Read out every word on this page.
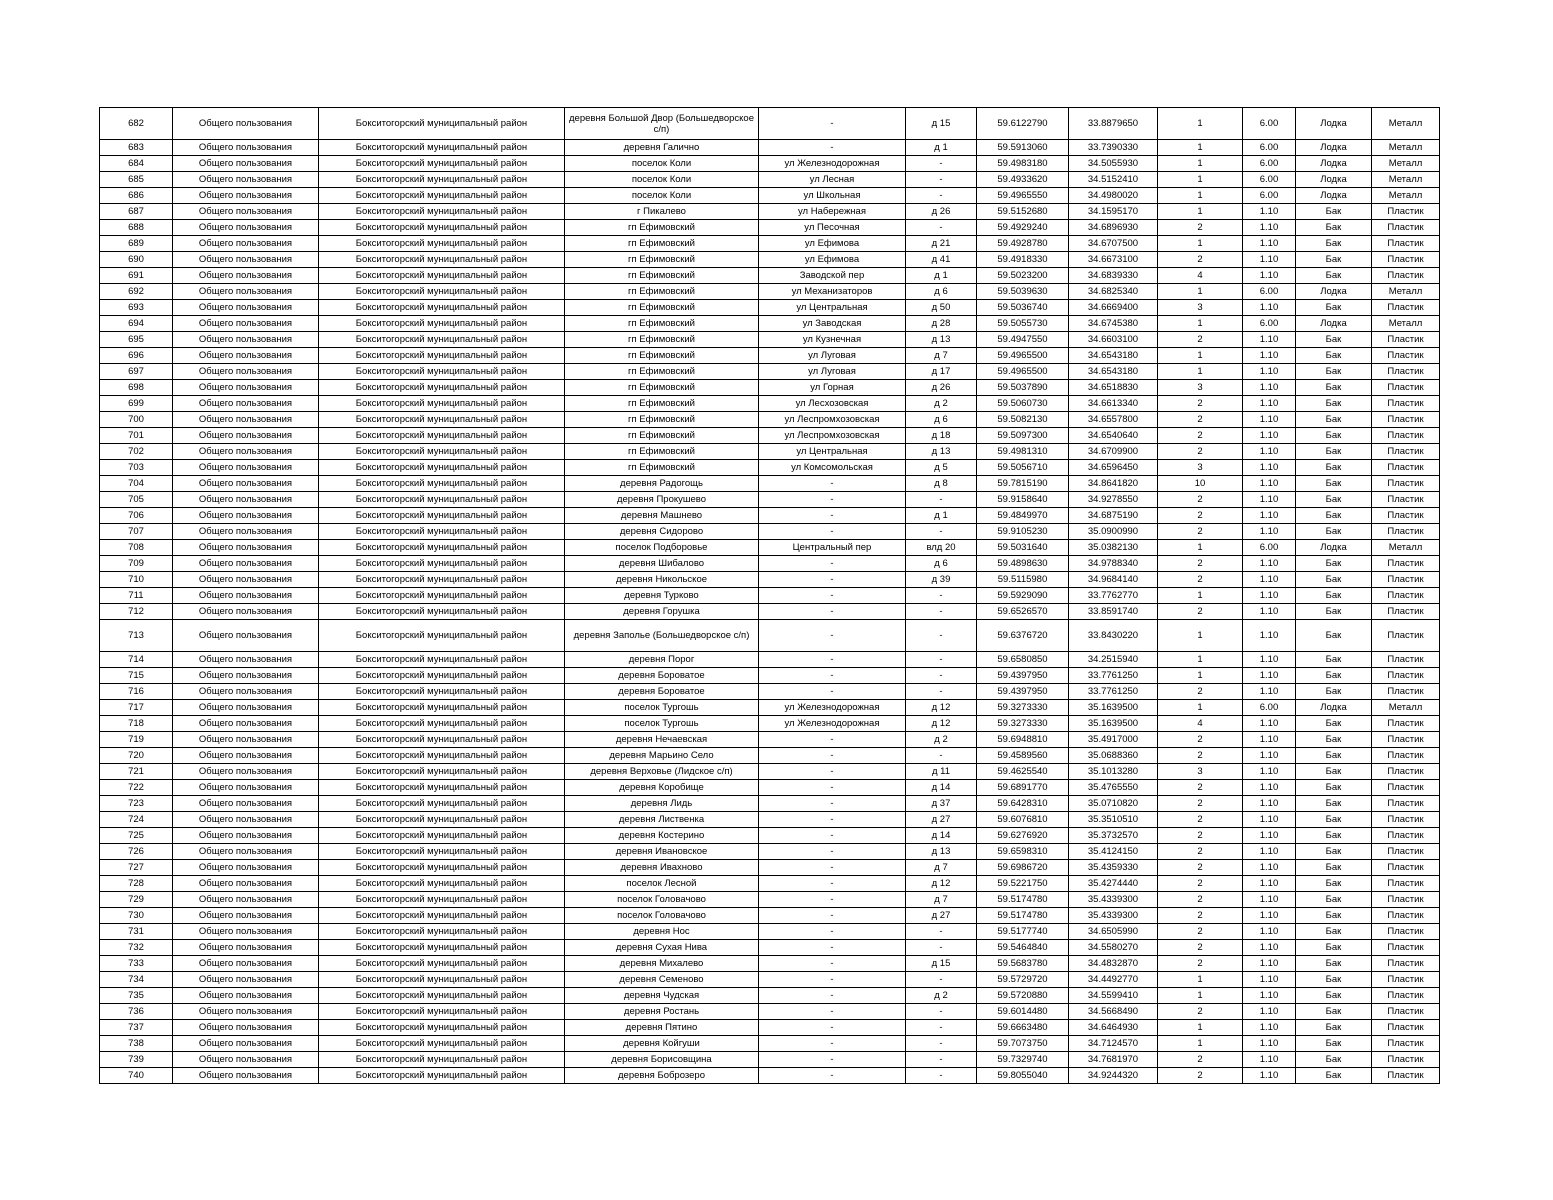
682	Общего пользования	Бокситогорский муниципальный район	деревня Большой Двор (Большедворское с/п)	-	д 15	59.6122790	33.8879650	1	6.00	Лодка	Металл
683	Общего пользования	Бокситогорский муниципальный район	деревня Галично	-	д 1	59.5913060	33.7390330	1	6.00	Лодка	Металл
684	Общего пользования	Бокситогорский муниципальный район	поселок Коли	ул Железнодорожная	-	59.4983180	34.5055930	1	6.00	Лодка	Металл
685	Общего пользования	Бокситогорский муниципальный район	поселок Коли	ул Лесная	-	59.4933620	34.5152410	1	6.00	Лодка	Металл
686	Общего пользования	Бокситогорский муниципальный район	поселок Коли	ул Школьная	-	59.4965550	34.4980020	1	6.00	Лодка	Металл
687	Общего пользования	Бокситогорский муниципальный район	г Пикалево	ул Набережная	д 26	59.5152680	34.1595170	1	1.10	Бак	Пластик
688	Общего пользования	Бокситогорский муниципальный район	гп Ефимовский	ул Песочная	-	59.4929240	34.6896930	2	1.10	Бак	Пластик
689	Общего пользования	Бокситогорский муниципальный район	гп Ефимовский	ул Ефимова	д 21	59.4928780	34.6707500	1	1.10	Бак	Пластик
690	Общего пользования	Бокситогорский муниципальный район	гп Ефимовский	ул Ефимова	д 41	59.4918330	34.6673100	2	1.10	Бак	Пластик
691	Общего пользования	Бокситогорский муниципальный район	гп Ефимовский	Заводской пер	д 1	59.5023200	34.6839330	4	1.10	Бак	Пластик
692	Общего пользования	Бокситогорский муниципальный район	гп Ефимовский	ул Механизаторов	д 6	59.5039630	34.6825340	1	6.00	Лодка	Металл
693	Общего пользования	Бокситогорский муниципальный район	гп Ефимовский	ул Центральная	д 50	59.5036740	34.6669400	3	1.10	Бак	Пластик
694	Общего пользования	Бокситогорский муниципальный район	гп Ефимовский	ул Заводская	д 28	59.5055730	34.6745380	1	6.00	Лодка	Металл
695	Общего пользования	Бокситогорский муниципальный район	гп Ефимовский	ул Кузнечная	д 13	59.4947550	34.6603100	2	1.10	Бак	Пластик
696	Общего пользования	Бокситогорский муниципальный район	гп Ефимовский	ул Луговая	д 7	59.4965500	34.6543180	1	1.10	Бак	Пластик
697	Общего пользования	Бокситогорский муниципальный район	гп Ефимовский	ул Луговая	д 17	59.4965500	34.6543180	1	1.10	Бак	Пластик
698	Общего пользования	Бокситогорский муниципальный район	гп Ефимовский	ул Горная	д 26	59.5037890	34.6518830	3	1.10	Бак	Пластик
699	Общего пользования	Бокситогорский муниципальный район	гп Ефимовский	ул Лесхозовская	д 2	59.5060730	34.6613340	2	1.10	Бак	Пластик
700	Общего пользования	Бокситогорский муниципальный район	гп Ефимовский	ул Леспромхозовская	д 6	59.5082130	34.6557800	2	1.10	Бак	Пластик
701	Общего пользования	Бокситогорский муниципальный район	гп Ефимовский	ул Леспромхозовская	д 18	59.5097300	34.6540640	2	1.10	Бак	Пластик
702	Общего пользования	Бокситогорский муниципальный район	гп Ефимовский	ул Центральная	д 13	59.4981310	34.6709900	2	1.10	Бак	Пластик
703	Общего пользования	Бокситогорский муниципальный район	гп Ефимовский	ул Комсомольская	д 5	59.5056710	34.6596450	3	1.10	Бак	Пластик
704	Общего пользования	Бокситогорский муниципальный район	деревня Радогощь	-	д 8	59.7815190	34.8641820	10	1.10	Бак	Пластик
705	Общего пользования	Бокситогорский муниципальный район	деревня Прокушево	-	-	59.9158640	34.9278550	2	1.10	Бак	Пластик
706	Общего пользования	Бокситогорский муниципальный район	деревня Машнево	-	д 1	59.4849970	34.6875190	2	1.10	Бак	Пластик
707	Общего пользования	Бокситогорский муниципальный район	деревня Сидорово	-	-	59.9105230	35.0900990	2	1.10	Бак	Пластик
708	Общего пользования	Бокситогорский муниципальный район	поселок Подборовье	Центральный пер	влд 20	59.5031640	35.0382130	1	6.00	Лодка	Металл
709	Общего пользования	Бокситогорский муниципальный район	деревня Шибалово	-	д 6	59.4898630	34.9788340	2	1.10	Бак	Пластик
710	Общего пользования	Бокситогорский муниципальный район	деревня Никольское	-	д 39	59.5115980	34.9684140	2	1.10	Бак	Пластик
711	Общего пользования	Бокситогорский муниципальный район	деревня Турково	-	-	59.5929090	33.7762770	1	1.10	Бак	Пластик
712	Общего пользования	Бокситогорский муниципальный район	деревня Горушка	-	-	59.6526570	33.8591740	2	1.10	Бак	Пластик
713	Общего пользования	Бокситогорский муниципальный район	деревня Заполье (Большедворское с/п)	-	-	59.6376720	33.8430220	1	1.10	Бак	Пластик
714	Общего пользования	Бокситогорский муниципальный район	деревня Порог	-	-	59.6580850	34.2515940	1	1.10	Бак	Пластик
715	Общего пользования	Бокситогорский муниципальный район	деревня Бороватое	-	-	59.4397950	33.7761250	1	1.10	Бак	Пластик
716	Общего пользования	Бокситогорский муниципальный район	деревня Бороватое	-	-	59.4397950	33.7761250	2	1.10	Бак	Пластик
717	Общего пользования	Бокситогорский муниципальный район	поселок Тургошь	ул Железнодорожная	д 12	59.3273330	35.1639500	1	6.00	Лодка	Металл
718	Общего пользования	Бокситогорский муниципальный район	поселок Тургошь	ул Железнодорожная	д 12	59.3273330	35.1639500	4	1.10	Бак	Пластик
719	Общего пользования	Бокситогорский муниципальный район	деревня Нечаевская	-	д 2	59.6948810	35.4917000	2	1.10	Бак	Пластик
720	Общего пользования	Бокситогорский муниципальный район	деревня Марьино Село	-	-	59.4589560	35.0688360	2	1.10	Бак	Пластик
721	Общего пользования	Бокситогорский муниципальный район	деревня Верховье (Лидское с/п)	-	д 11	59.4625540	35.1013280	3	1.10	Бак	Пластик
722	Общего пользования	Бокситогорский муниципальный район	деревня Коробище	-	д 14	59.6891770	35.4765550	2	1.10	Бак	Пластик
723	Общего пользования	Бокситогорский муниципальный район	деревня Лидь	-	д 37	59.6428310	35.0710820	2	1.10	Бак	Пластик
724	Общего пользования	Бокситогорский муниципальный район	деревня Лиственка	-	д 27	59.6076810	35.3510510	2	1.10	Бак	Пластик
725	Общего пользования	Бокситогорский муниципальный район	деревня Костерино	-	д 14	59.6276920	35.3732570	2	1.10	Бак	Пластик
726	Общего пользования	Бокситогорский муниципальный район	деревня Ивановское	-	д 13	59.6598310	35.4124150	2	1.10	Бак	Пластик
727	Общего пользования	Бокситогорский муниципальный район	деревня Ивахново	-	д 7	59.6986720	35.4359330	2	1.10	Бак	Пластик
728	Общего пользования	Бокситогорский муниципальный район	поселок Лесной	-	д 12	59.5221750	35.4274440	2	1.10	Бак	Пластик
729	Общего пользования	Бокситогорский муниципальный район	поселок Головачово	-	д 7	59.5174780	35.4339300	2	1.10	Бак	Пластик
730	Общего пользования	Бокситогорский муниципальный район	поселок Головачово	-	д 27	59.5174780	35.4339300	2	1.10	Бак	Пластик
731	Общего пользования	Бокситогорский муниципальный район	деревня Нос	-	-	59.5177740	34.6505990	2	1.10	Бак	Пластик
732	Общего пользования	Бокситогорский муниципальный район	деревня Сухая Нива	-	-	59.5464840	34.5580270	2	1.10	Бак	Пластик
733	Общего пользования	Бокситогорский муниципальный район	деревня Михалево	-	д 15	59.5683780	34.4832870	2	1.10	Бак	Пластик
734	Общего пользования	Бокситогорский муниципальный район	деревня Семеново	-	-	59.5729720	34.4492770	1	1.10	Бак	Пластик
735	Общего пользования	Бокситогорский муниципальный район	деревня Чудская	-	д 2	59.5720880	34.5599410	1	1.10	Бак	Пластик
736	Общего пользования	Бокситогорский муниципальный район	деревня Ростань	-	-	59.6014480	34.5668490	2	1.10	Бак	Пластик
737	Общего пользования	Бокситогорский муниципальный район	деревня Пятино	-	-	59.6663480	34.6464930	1	1.10	Бак	Пластик
738	Общего пользования	Бокситогорский муниципальный район	деревня Койгуши	-	-	59.7073750	34.7124570	1	1.10	Бак	Пластик
739	Общего пользования	Бокситогорский муниципальный район	деревня Борисовщина	-	-	59.7329740	34.7681970	2	1.10	Бак	Пластик
740	Общего пользования	Бокситогорский муниципальный район	деревня Боброзеро	-	-	59.8055040	34.9244320	2	1.10	Бак	Пластик
